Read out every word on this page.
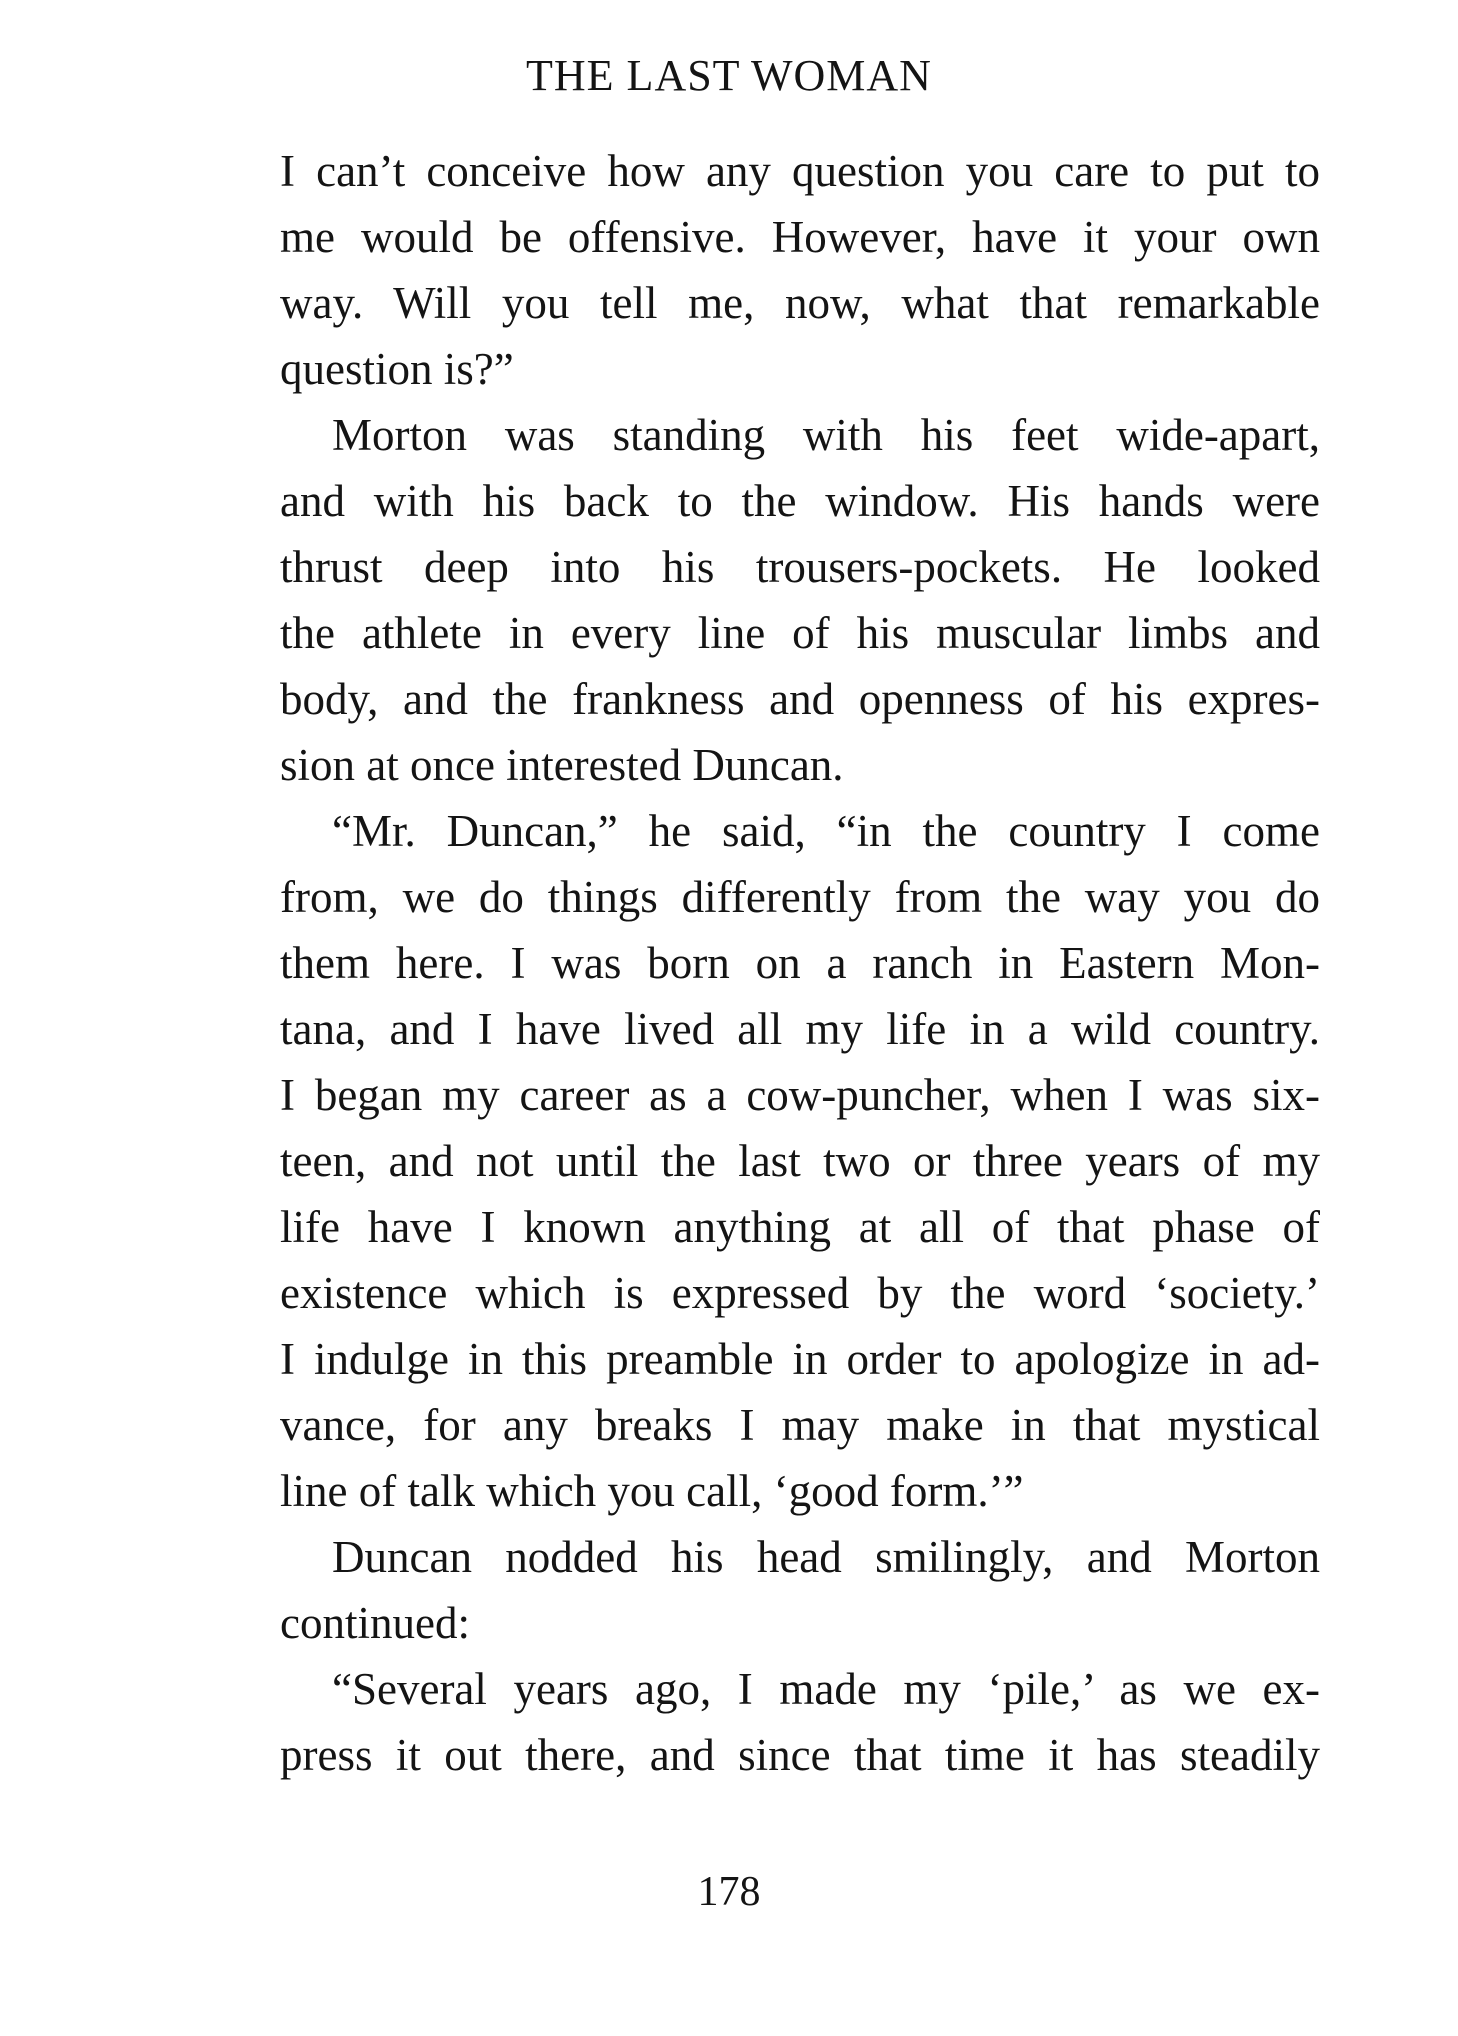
THE LAST WOMAN
I can’t conceive how any question you care to put to
me would be offensive. However, have it your own
way. Will you tell me, now, what that remarkable
question is?”
Morton was standing with his feet wide-apart,
and with his back to the window. His hands were
thrust deep into his trousers-pockets. He looked
the athlete in every line of his muscular limbs and
body, and the frankness and openness of his expres-
sion at once interested Duncan.
“Mr. Duncan,” he said, “in the country I come
from, we do things differently from the way you do
them here. I was born on a ranch in Eastern Mon-
tana, and I have lived all my life in a wild country.
I began my career as a cow-puncher, when I was six-
teen, and not until the last two or three years of my
life have I known anything at all of that phase of
existence which is expressed by the word ‘society.’
I indulge in this preamble in order to apologize in ad-
vance, for any breaks I may make in that mystical
line of talk which you call, ‘good form.’”
Duncan nodded his head smilingly, and Morton
continued:
“Several years ago, I made my ‘pile,’ as we ex-
press it out there, and since that time it has steadily
178
